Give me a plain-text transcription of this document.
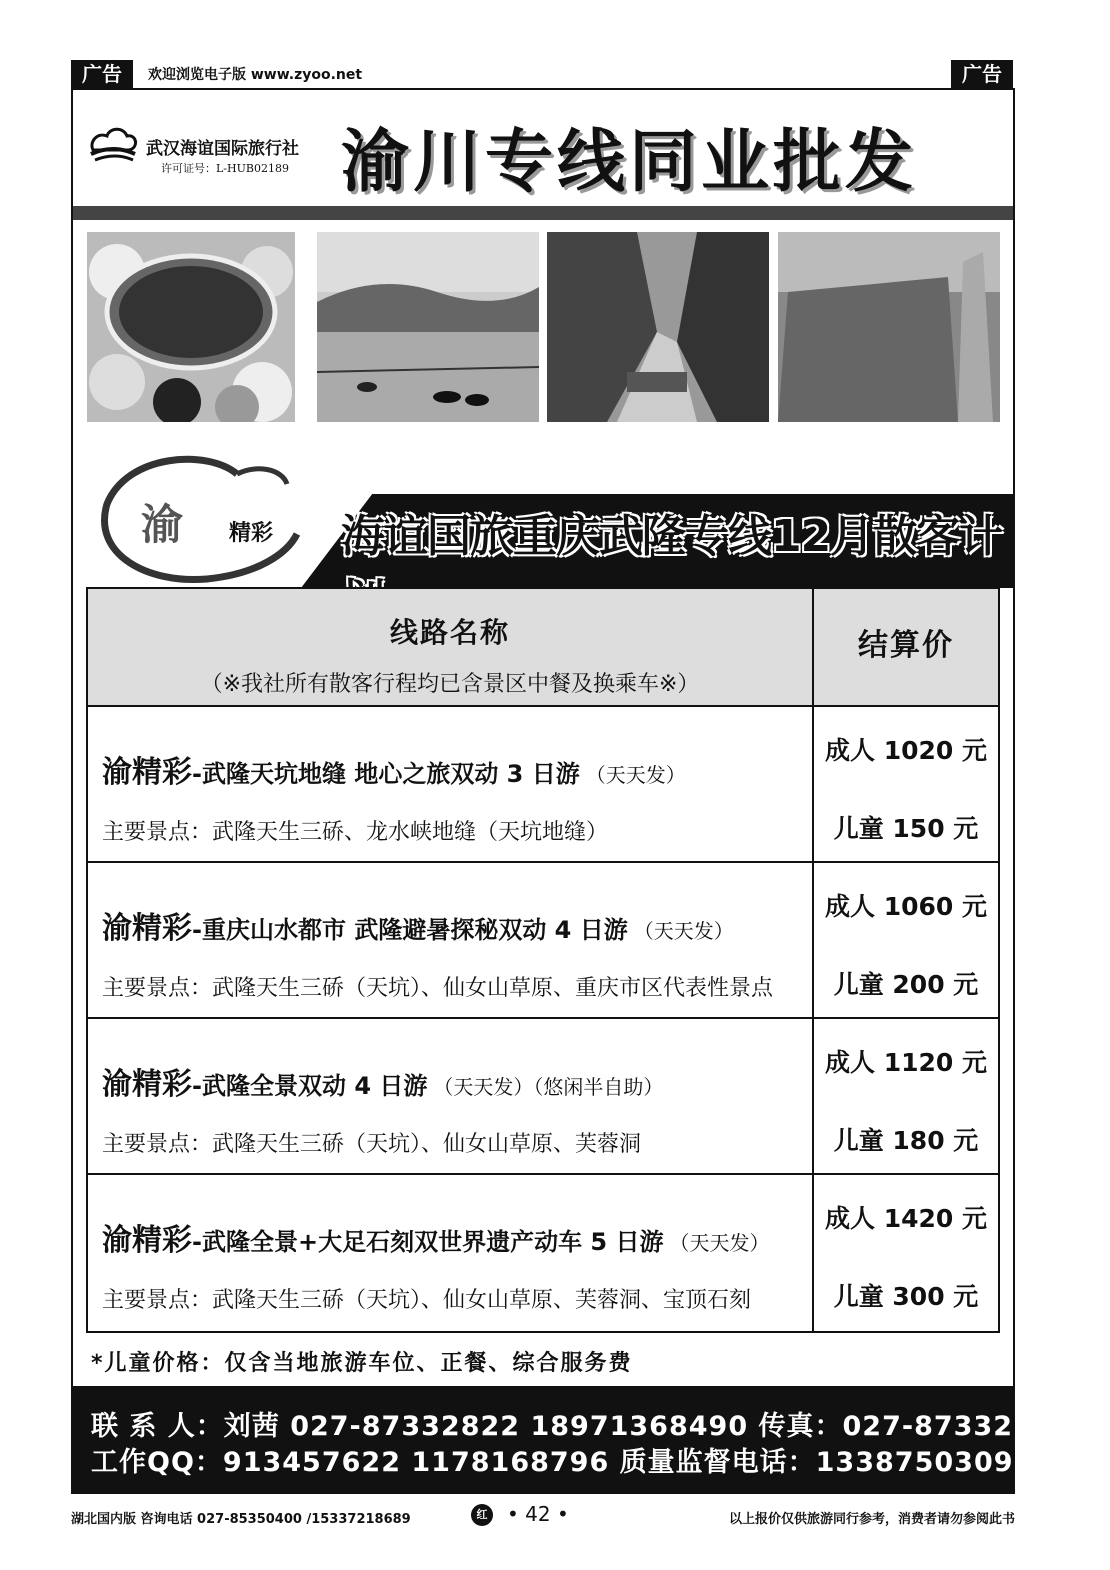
广告	欢迎浏览电子版 www.zyoo.net	广告
武汉海谊国际旅行社
许可证号：L-HUB02189 渝川专线同业批发
渝 精彩 海谊国旅重庆武隆专线12月散客计
线路名称
（※我社所有散客行程均已含景区中餐及换乘车※）
结算价
渝精彩-武隆天坑地缝 地心之旅双动 3 日游 （天天发）
主要景点：武隆天生三硚、龙水峡地缝（天坑地缝）
成人 1020 元
儿童 150 元
渝精彩-重庆山水都市 武隆避暑探秘双动 4 日游 （天天发）
主要景点：武隆天生三硚（天坑）、仙女山草原、重庆市区代表性景点
成人 1060 元
儿童 200 元
渝精彩-武隆全景双动 4 日游 （天天发）（悠闲半自助）
主要景点：武隆天生三硚（天坑）、仙女山草原、芙蓉洞
成人 1120 元
儿童 180 元
渝精彩-武隆全景+大足石刻双世界遗产动车 5 日游 （天天发）
主要景点：武隆天生三硚（天坑）、仙女山草原、芙蓉洞、宝顶石刻
成人 1420 元
儿童 300 元
*儿童价格：仅含当地旅游车位、正餐、综合服务费
联 系 人：刘茜 027-87332822 18971368490 传真：027-87332571
工作QQ：913457622 1178168796 质量监督电话：13387503092
湖北国内版 咨询电话 027-85350400 /15337218689	红 • 42 •	以上报价仅供旅游同行参考，消费者请勿参阅此书
